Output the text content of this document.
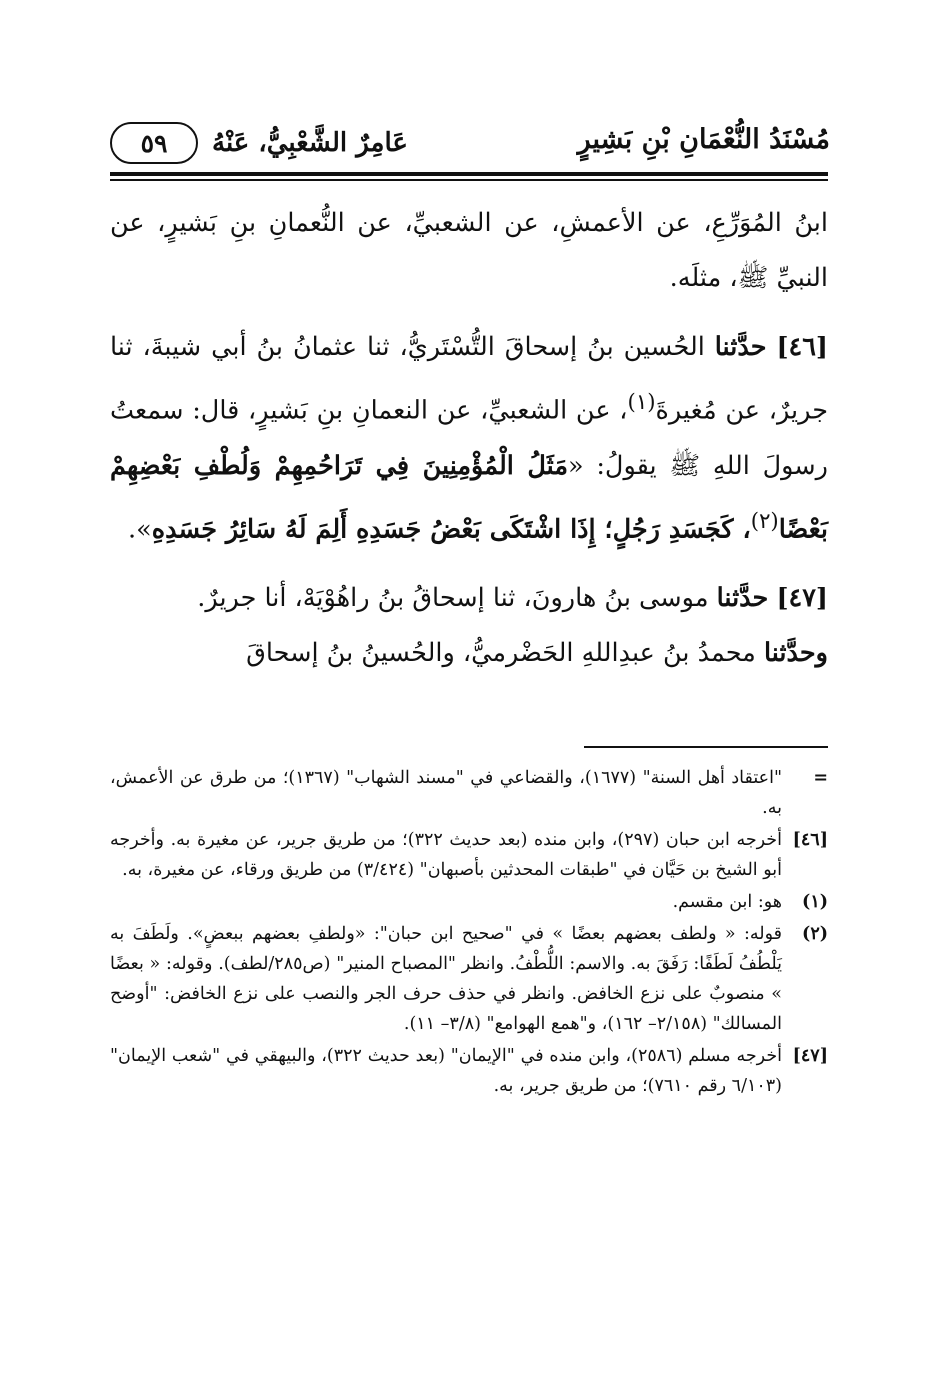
مُسْنَدُ النُّعْمَانِ بْنِ بَشِيرٍ
٥٩	عَامِرٌ الشَّعْبِيُّ، عَنْهُ

ابنُ المُوَرِّعِ، عن الأعمشِ، عن الشعبيِّ، عن النُّعمانِ بنِ بَشيرٍ، عن النبيِّ ﷺ، مثلَه.

[٤٦] حدَّثنا الحُسين بنُ إسحاقَ التُّسْتَريُّ، ثنا عثمانُ بنُ أبي شيبةَ، ثنا جريرٌ، عن مُغيرةَ$^{(١)}$، عن الشعبيِّ، عن النعمانِ بنِ بَشيرٍ، قال: سمعتُ رسولَ اللهِ ﷺ يقولُ: «مَثَلُ الْمُؤْمِنِينَ فِي تَرَاحُمِهِمْ وَلُطْفِ بَعْضِهِمْ بَعْضًا$^{(٢)}$، كَجَسَدِ رَجُلٍ؛ إِذَا اشْتَكَى بَعْضُ جَسَدِهِ أَلِمَ لَهُ سَائِرُ جَسَدِهِ».

[٤٧] حدَّثنا موسى بنُ هارونَ، ثنا إسحاقُ بنُ راهُوْيَهْ، أنا جريرٌ.

وحدَّثنا محمدُ بنُ عبدِاللهِ الحَضْرميُّ، والحُسينُ بنُ إسحاقَ

=
"اعتقاد أهل السنة" (١٦٧٧)، والقضاعي في "مسند الشهاب" (١٣٦٧)؛ من طرق عن الأعمش، به.
[٤٦]
أخرجه ابن حبان (٢٩٧)، وابن منده (بعد حديث ٣٢٢)؛ من طريق جرير، عن مغيرة به. وأخرجه أبو الشيخ بن حَيَّان في "طبقات المحدثين بأصبهان" (٣/٤٢٤) من طريق ورقاء، عن مغيرة، به.
(١)
هو: ابن مقسم.
(٢)
قوله: « ولطف بعضهم بعضًا » في "صحيح ابن حبان": «ولطفِ بعضهم ببعضٍ». ولَطَفَ به يَلْطُفُ لَطَفًا: رَفَقَ به. والاسم: اللُّطْفُ. وانظر "المصباح المنير" (ص٢٨٥/لطف). وقوله: « بعضًا » منصوبٌ على نزع الخافض. وانظر في حذف حرف الجر والنصب على نزع الخافض: "أوضح المسالك" (٢/١٥٨– ١٦٢)، و"همع الهوامع" (٣/٨– ١١).
[٤٧]
أخرجه مسلم (٢٥٨٦)، وابن منده في "الإيمان" (بعد حديث ٣٢٢)، والبيهقي في "شعب الإيمان" (٦/١٠٣ رقم ٧٦١٠)؛ من طريق جرير، به.
